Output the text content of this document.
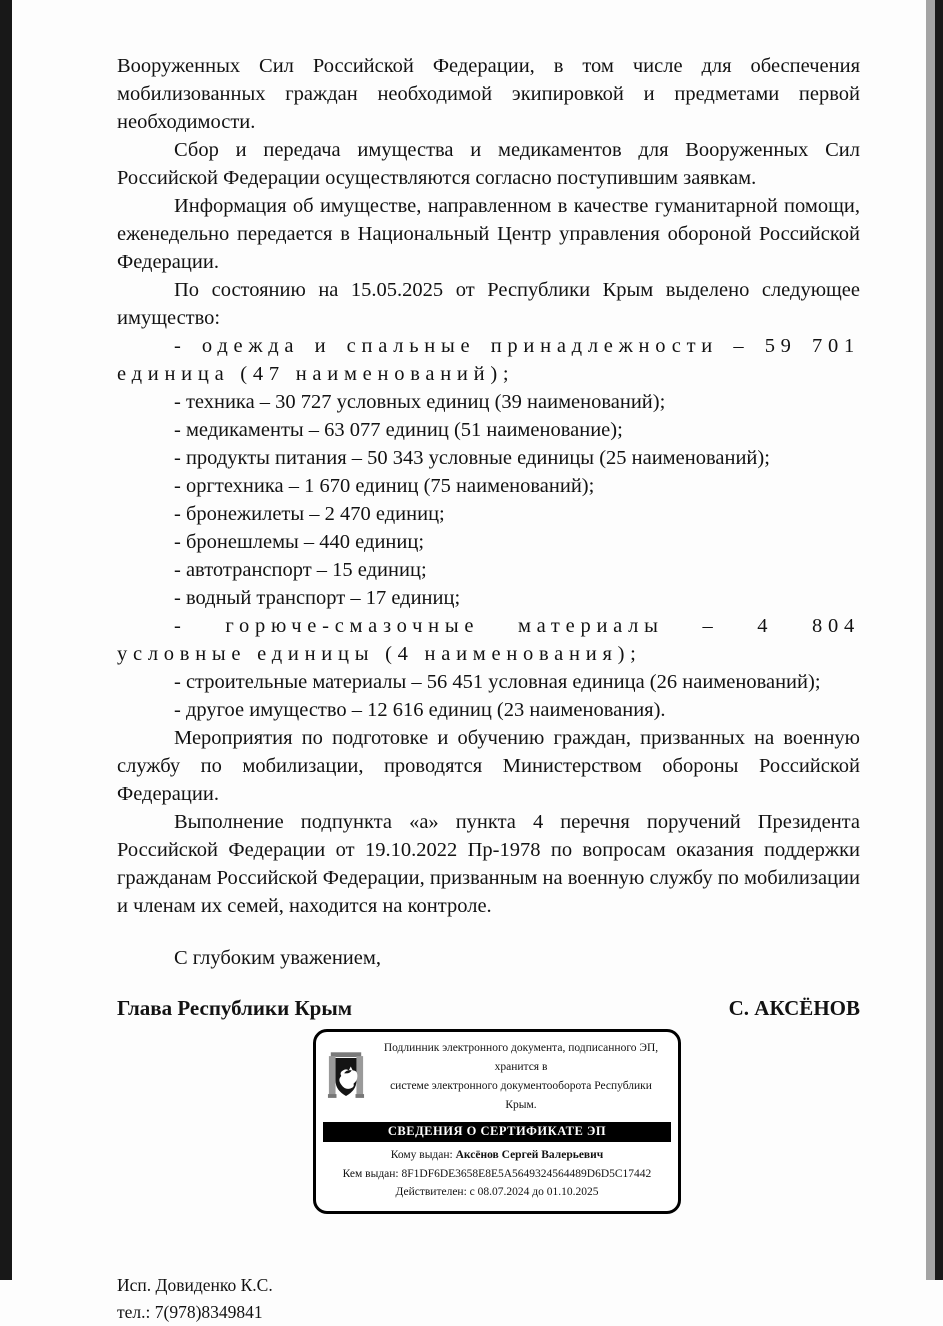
Вооруженных Сил Российской Федерации, в том числе для обеспечения мобилизованных граждан необходимой экипировкой и предметами первой необходимости.

Сбор и передача имущества и медикаментов для Вооруженных Сил Российской Федерации осуществляются согласно поступившим заявкам.

Информация об имуществе, направленном в качестве гуманитарной помощи, еженедельно передается в Национальный Центр управления обороной Российской Федерации.

По состоянию на 15.05.2025 от Республики Крым выделено следующее имущество:

- одежда и спальные принадлежности – 59 701 единица (47 наименований);

- техника – 30 727 условных единиц (39 наименований);

- медикаменты – 63 077 единиц (51 наименование);

- продукты питания – 50 343 условные единицы (25 наименований);

- оргтехника – 1 670 единиц (75 наименований);

- бронежилеты – 2 470 единиц;

- бронешлемы – 440 единиц;

- автотранспорт – 15 единиц;

- водный транспорт – 17 единиц;

- горюче-смазочные материалы – 4 804 условные единицы (4 наименования);

- строительные материалы – 56 451 условная единица (26 наименований);

- другое имущество – 12 616 единиц (23 наименования).

Мероприятия по подготовке и обучению граждан, призванных на военную службу по мобилизации, проводятся Министерством обороны Российской Федерации.

Выполнение подпункта «а» пункта 4 перечня поручений Президента Российской Федерации от 19.10.2022 Пр-1978 по вопросам оказания поддержки гражданам Российской Федерации, призванным на военную службу по мобилизации и членам их семей, находится на контроле.

С глубоким уважением,

Глава Республики Крым	С. АКСЁНОВ
Подлинник электронного документа, подписанного ЭП, хранится в
системе электронного документооборота Республики Крым.
СВЕДЕНИЯ О СЕРТИФИКАТЕ ЭП
Кому выдан: Аксёнов Сергей Валерьевич
Кем выдан: 8F1DF6DE3658E8E5A5649324564489D6D5C17442
Действителен: с 08.07.2024 до 01.10.2025
Исп. Довиденко К.С.
тел.: 7(978)8349841
